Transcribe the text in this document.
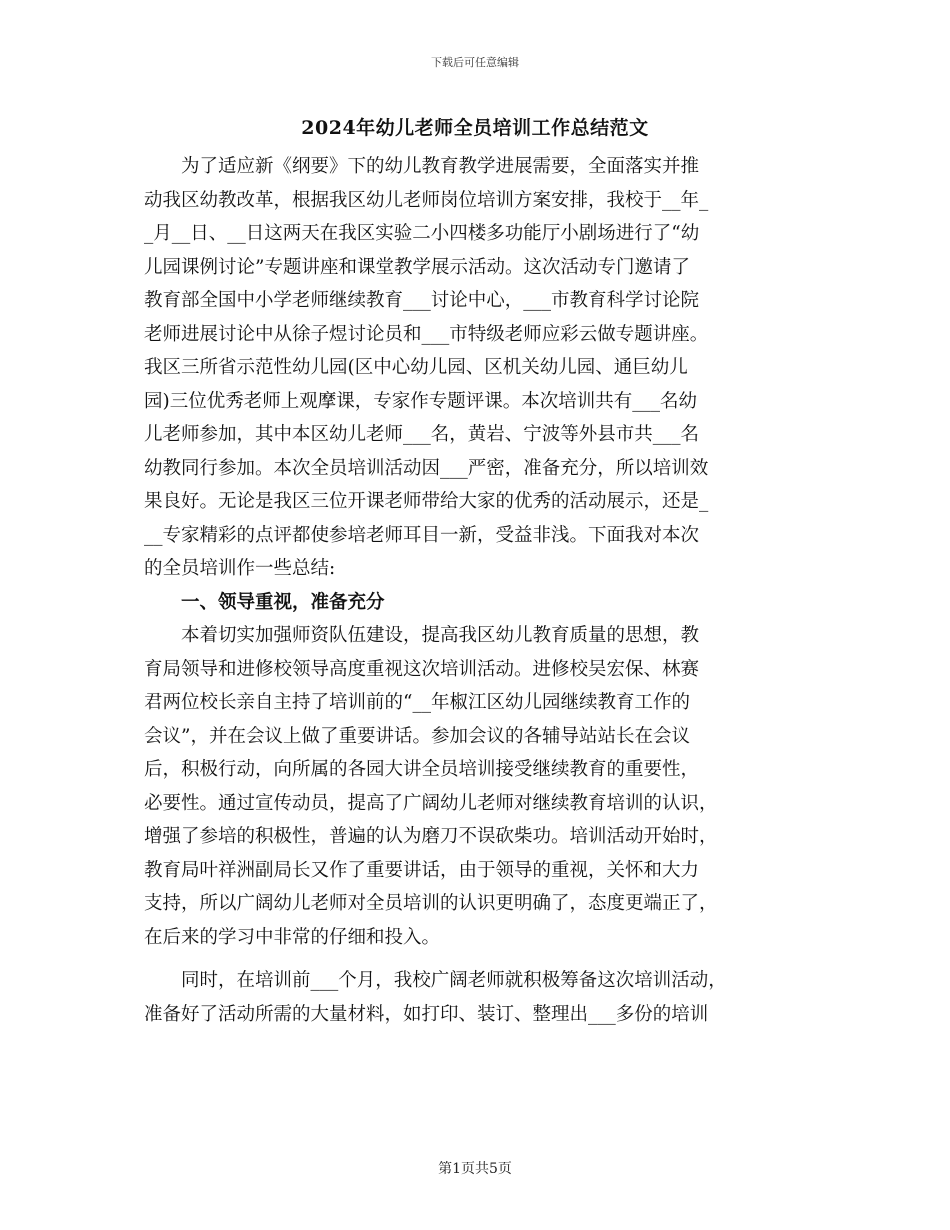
下载后可任意编辑
2024年幼儿老师全员培训工作总结范文
　　为了适应新《纲要》下的幼儿教育教学进展需要，全面落实并推
动我区幼教改革，根据我区幼儿老师岗位培训方案安排，我校于__年_
_月__日、__日这两天在我区实验二小四楼多功能厅小剧场进行了“幼
儿园课例讨论”专题讲座和课堂教学展示活动。这次活动专门邀请了
教育部全国中小学老师继续教育___讨论中心，___市教育科学讨论院
老师进展讨论中从徐子煜讨论员和___市特级老师应彩云做专题讲座。
我区三所省示范性幼儿园(区中心幼儿园、区机关幼儿园、通巨幼儿
园)三位优秀老师上观摩课，专家作专题评课。本次培训共有___名幼
儿老师参加，其中本区幼儿老师___名，黄岩、宁波等外县市共___名
幼教同行参加。本次全员培训活动因___严密，准备充分，所以培训效
果良好。无论是我区三位开课老师带给大家的优秀的活动展示，还是_
__专家精彩的点评都使参培老师耳目一新，受益非浅。下面我对本次
的全员培训作一些总结:
　　一、领导重视，准备充分
　　本着切实加强师资队伍建设，提高我区幼儿教育质量的思想，教
育局领导和进修校领导高度重视这次培训活动。进修校吴宏保、林赛
君两位校长亲自主持了培训前的“__年椒江区幼儿园继续教育工作的
会议”，并在会议上做了重要讲话。参加会议的各辅导站站长在会议
后，积极行动，向所属的各园大讲全员培训接受继续教育的重要性，
必要性。通过宣传动员，提高了广阔幼儿老师对继续教育培训的认识，
增强了参培的积极性，普遍的认为磨刀不误砍柴功。培训活动开始时，
教育局叶祥洲副局长又作了重要讲话，由于领导的重视，关怀和大力
支持，所以广阔幼儿老师对全员培训的认识更明确了，态度更端正了，
在后来的学习中非常的仔细和投入。
　　同时，在培训前___个月，我校广阔老师就积极筹备这次培训活动，
准备好了活动所需的大量材料，如打印、装订、整理出___多份的培训
第1页共5页
